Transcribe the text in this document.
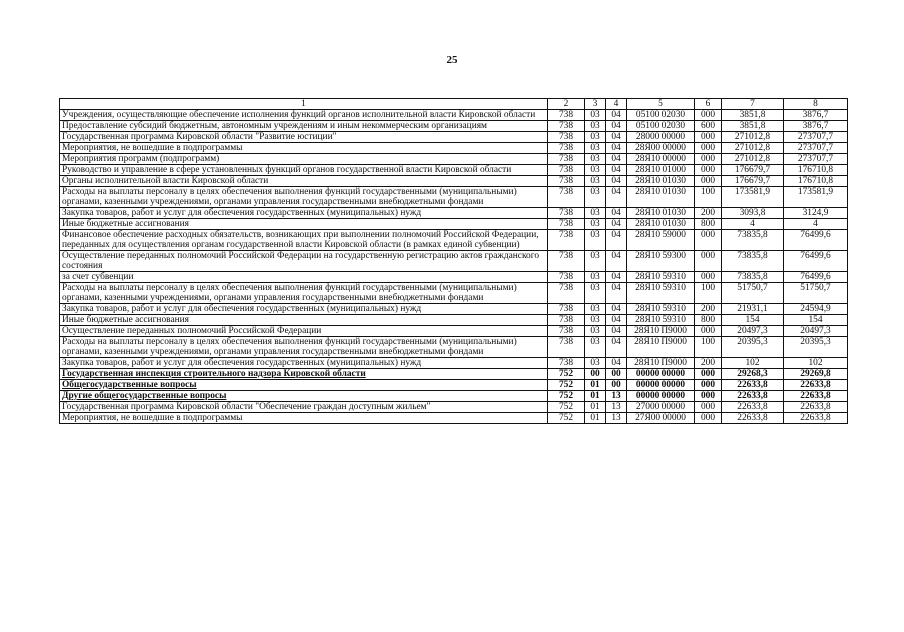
25
1	2	3	4	5	6	7	8
Учреждения, осуществляющие обеспечение исполнения функций органов исполнительной власти Кировской области	738	03	04	05100 02030	000	3851,8	3876,7
Предоставление субсидий бюджетным, автономным учреждениям и иным некоммерческим организациям	738	03	04	05100 02030	600	3851,8	3876,7
Государственная программа Кировской области "Развитие юстиции"	738	03	04	28000 00000	000	271012,8	273707,7
Мероприятия, не вошедшие в подпрограммы	738	03	04	28Я00 00000	000	271012,8	273707,7
Мероприятия программ (подпрограмм)	738	03	04	28Я10 00000	000	271012,8	273707,7
Руководство и управление в сфере установленных функций органов государственной власти Кировской области	738	03	04	28Я10 01000	000	176679,7	176710,8
Органы исполнительной власти Кировской области	738	03	04	28Я10 01030	000	176679,7	176710,8
Расходы на выплаты персоналу в целях обеспечения выполнения функций государственными (муниципальными) органами, казенными учреждениями, органами управления государственными внебюджетными фондами	738	03	04	28Я10 01030	100	173581,9	173581,9
Закупка товаров, работ и услуг для обеспечения государственных (муниципальных) нужд	738	03	04	28Я10 01030	200	3093,8	3124,9
Иные бюджетные ассигнования	738	03	04	28Я10 01030	800	4	4
Финансовое обеспечение расходных обязательств, возникающих при выполнении полномочий Российской Федерации, переданных для осуществления органам государственной власти Кировской области (в рамках единой субвенции)	738	03	04	28Я10 59000	000	73835,8	76499,6
Осуществление переданных полномочий Российской Федерации на государственную регистрацию актов гражданского состояния	738	03	04	28Я10 59300	000	73835,8	76499,6
за счет субвенции	738	03	04	28Я10 59310	000	73835,8	76499,6
Расходы на выплаты персоналу в целях обеспечения выполнения функций государственными (муниципальными) органами, казенными учреждениями, органами управления государственными внебюджетными фондами	738	03	04	28Я10 59310	100	51750,7	51750,7
Закупка товаров, работ и услуг для обеспечения государственных (муниципальных) нужд	738	03	04	28Я10 59310	200	21931,1	24594,9
Иные бюджетные ассигнования	738	03	04	28Я10 59310	800	154	154
Осуществление переданных полномочий Российской Федерации	738	03	04	28Я10 П9000	000	20497,3	20497,3
Расходы на выплаты персоналу в целях обеспечения выполнения функций государственными (муниципальными) органами, казенными учреждениями, органами управления государственными внебюджетными фондами	738	03	04	28Я10 П9000	100	20395,3	20395,3
Закупка товаров, работ и услуг для обеспечения государственных (муниципальных) нужд	738	03	04	28Я10 П9000	200	102	102
Государственная инспекция строительного надзора Кировской области	752	00	00	00000 00000	000	29268,3	29269,8
Общегосударственные вопросы	752	01	00	00000 00000	000	22633,8	22633,8
Другие общегосударственные вопросы	752	01	13	00000 00000	000	22633,8	22633,8
Государственная программа Кировской области "Обеспечение граждан доступным жильем"	752	01	13	27000 00000	000	22633,8	22633,8
Мероприятия, не вошедшие в подпрограммы	752	01	13	27Я00 00000	000	22633,8	22633,8
